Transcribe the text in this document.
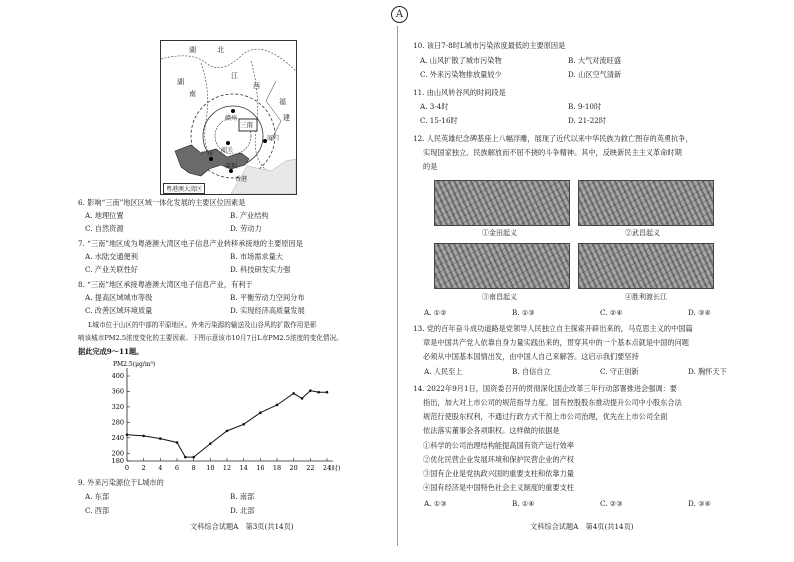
A
湖	北
湖
南
江
西
福
建
赣州
韶关
广州
深圳
香港
厦门
三南
粤港澳大湾区
6. 影响“三南”地区区域一体化发展的主要区位因素是
A. 地理位置	B. 产业结构
C. 自然资源	D. 劳动力
7. “三南”地区成为粤港澳大湾区电子信息产业转移承接地的主要原因是
A. 水陆交通便利	B. 市场需求量大
C. 产业关联性好	D. 科技研发实力强
8. “三南”地区承接粤港澳大湾区电子信息产业，有利于
A. 提高区域城市等级	B. 平衡劳动力空间分布
C. 改善区域环境质量	D. 实现经济高质量发展
L城市位于山区的中部的平原地区。外来污染源的输送及山谷风的扩散作用是影
响该城市PM2.5浓度变化的主要因素。下图示意该市10月7日L市PM2.5浓度的变化情况。
据此完成9～11题。
180
200
240
280
320
360
400
0 2 4 6 8 10 12 14 16 18 20 22 24
PM2.5(μg/m³)
(时)
9. 外来污染源位于L城市的
A. 东部	B. 南部
C. 西部	D. 北部
文科综合试题A　第3页(共14页)
10. 该日7-8时L城市污染浓度最低的主要原因是
A. 山风扩散了城市污染物	B. 大气对流旺盛
C. 外来污染物排放量较少	D. 山区空气清新
11. 由山风转谷风的时间段是
A. 3-4时	B. 9-10时
C. 15-16时	D. 21-22时
12. 人民英雄纪念碑基座上八幅浮雕，展现了近代以来中华民族为救亡图存的英勇抗争，
实现国家独立、民族解放而不屈不挠的斗争精神。其中，反映新民主主义革命时期
的是
①金田起义	②武昌起义
③南昌起义	④胜利渡长江
A. ①②	B. ①③	C. ②④	D. ③④
13. 党的百年奋斗成功道路是党领导人民独立自主探索开辟出来的，马克思主义的中国篇
章是中国共产党人依靠自身力量实践出来的，贯穿其中的一个基本点就是中国的问题
必须从中国基本国情出发，由中国人自己来解答。这启示我们要坚持
A. 人民至上	B. 自信自立	C. 守正创新	D. 胸怀天下
14. 2022年9月1日，国资委召开的贯彻深化国企改革三年行动部署推进会强调：要
指出，加大对上市公司的规范指导力度。国有控股股东推动提升公司中小股东合法
规范行使股东权利，不通过行政方式干预上市公司治理，优先在上市公司全面
依法落实董事会各项职权。这样做的依据是
①科学的公司治理结构能提高国有资产运行效率
②优化民营企业发展环境和保护民营企业的产权
③国有企业是党执政兴国的重要支柱和依靠力量
④国有经济是中国特色社会主义制度的重要支柱
A. ①③	B. ①④	C. ②③	D. ③④
文科综合试题A　第4页(共14页)
